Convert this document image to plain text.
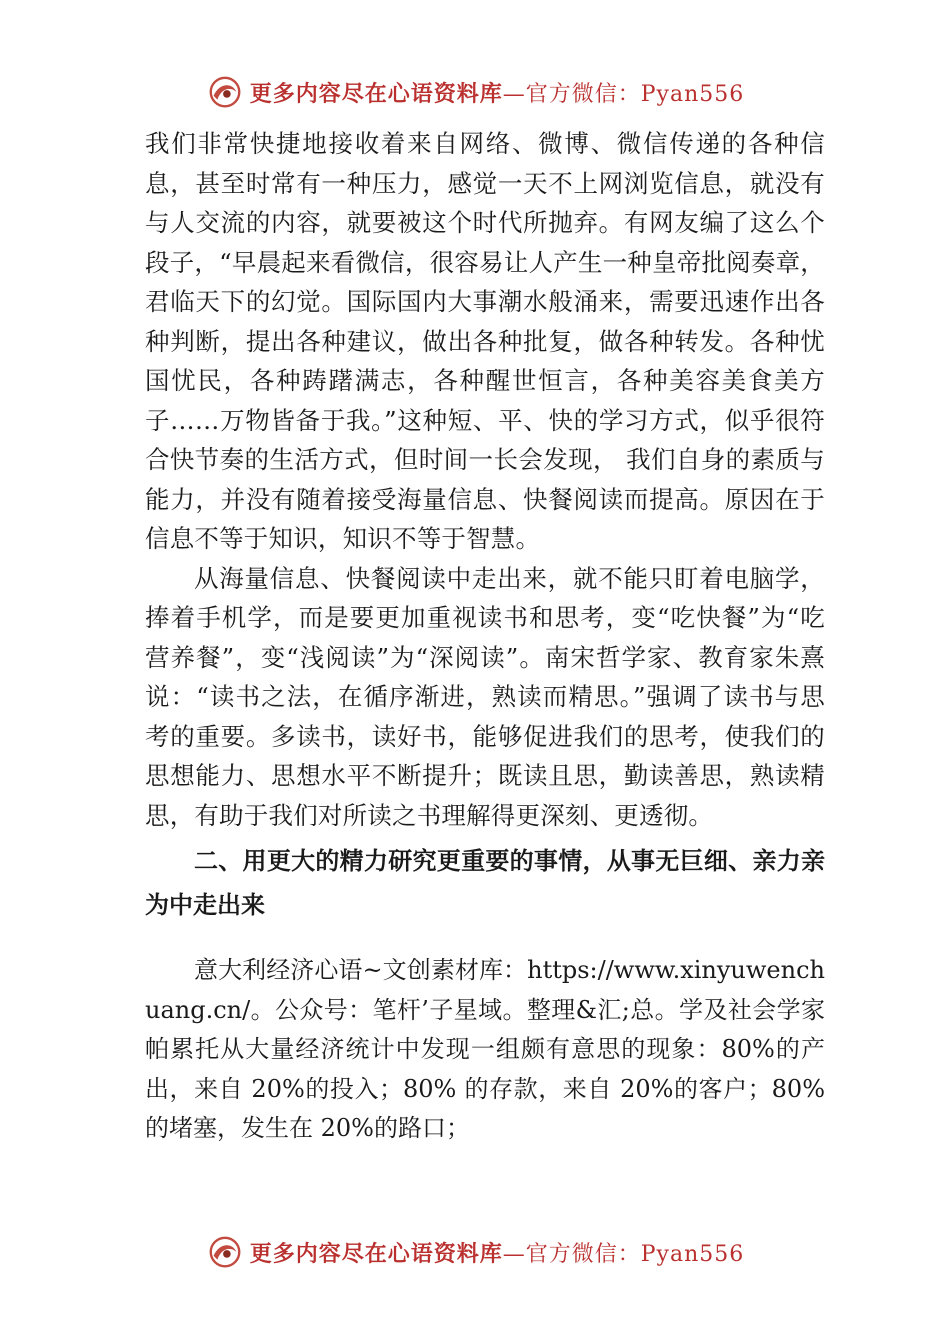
更多内容尽在心语资料库—官方微信：Pyan556

我们非常快捷地接收着来自网络、微博、微信传递的各种信息，甚至时常有一种压力，感觉一天不上网浏览信息，就没有与人交流的内容，就要被这个时代所抛弃。有网友编了这么个段子，“早晨起来看微信，很容易让人产生一种皇帝批阅奏章，君临天下的幻觉。国际国内大事潮水般涌来，需要迅速作出各种判断，提出各种建议，做出各种批复，做各种转发。各种忧国忧民，各种踌躇满志，各种醒世恒言，各种美容美食美方子……万物皆备于我。”这种短、平、快的学习方式，似乎很符合快节奏的生活方式，但时间一长会发现， 我们自身的素质与能力，并没有随着接受海量信息、快餐阅读而提高。原因在于信息不等于知识，知识不等于智慧。

从海量信息、快餐阅读中走出来，就不能只盯着电脑学，捧着手机学，而是要更加重视读书和思考，变“吃快餐”为“吃营养餐”，变“浅阅读”为“深阅读”。南宋哲学家、教育家朱熹说：“读书之法，在循序渐进，熟读而精思。”强调了读书与思考的重要。多读书，读好书，能够促进我们的思考，使我们的思想能力、思想水平不断提升；既读且思，勤读善思，熟读精思，有助于我们对所读之书理解得更深刻、更透彻。

二、用更大的精力研究更重要的事情，从事无巨细、亲力亲为中走出来

意大利经济心语~文创素材库：https://www.xinyuwenchuang.cn/。公众号：笔杆’子星域。整理&汇;总。学及社会学家帕累托从大量经济统计中发现一组颇有意思的现象：80%的产出，来自 20%的投入；80% 的存款，来自 20%的客户；80%的堵塞，发生在 20%的路口；

更多内容尽在心语资料库—官方微信：Pyan556
